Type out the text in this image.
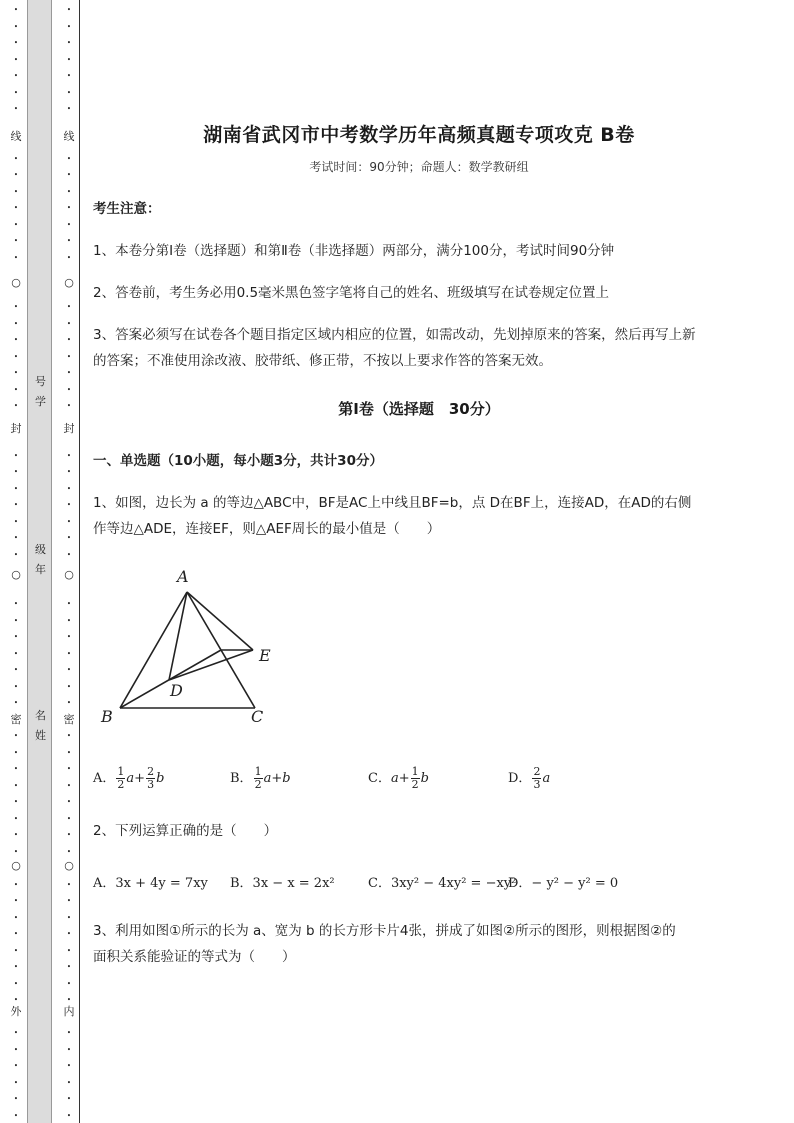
•
•
•
•
•
•
•
•
•
•
•
•
•
•
•
•
•
•
•
•
•
•
•
•
•
•
•
•
•
•
•
•
•
•
•
•
•
•
•
•
•
•
•
•
•
•
•
•
•
•
•
•
•
•
•
•
•
线
○
封
○
密
○
外
号
学
级
年
名
姓
•
•
•
•
•
•
•
•
•
•
•
•
•
•
•
•
•
•
•
•
•
•
•
•
•
•
•
•
•
•
•
•
•
•
•
•
•
•
•
•
•
•
•
•
•
•
•
•
•
•
•
•
•
•
•
•
•
线
○
封
○
密
○
内
湖南省武冈市中考数学历年高频真题专项攻克 B卷
考试时间：90分钟；命题人：数学教研组
考生注意：
1、本卷分第Ⅰ卷（选择题）和第Ⅱ卷（非选择题）两部分，满分100分，考试时间90分钟
2、答卷前，考生务必用0.5毫米黑色签字笔将自己的姓名、班级填写在试卷规定位置上
3、答案必须写在试卷各个题目指定区域内相应的位置，如需改动，先划掉原来的答案，然后再写上新
的答案；不准使用涂改液、胶带纸、修正带，不按以上要求作答的答案无效。
第Ⅰ卷（选择题　30分）
一、单选题（10小题，每小题3分，共计30分）
1、如图，边长为 a 的等边△ABC中，BF是AC上中线且BF=b，点 D在BF上，连接AD，在AD的右侧
作等边△ADE，连接EF，则△AEF周长的最小值是（　　）
2、下列运算正确的是（　　）
3、利用如图①所示的长为 a、宽为 b 的长方形卡片4张，拼成了如图②所示的图形，则根据图②的
面积关系能验证的等式为（　　）
A． $\frac{1}{2} a+ \frac{2}{3}$ b	B． $\frac{1}{2} a+b$	C．$a+ \frac{1}{2}$ b	D． $\frac{2}{3}$ a
A．3x + 4y = 7xy B．3x − x = 2x²	C．3xy² − 4xy² = −xy²
D．− y² − y² = 0
A
E
D
B	C
